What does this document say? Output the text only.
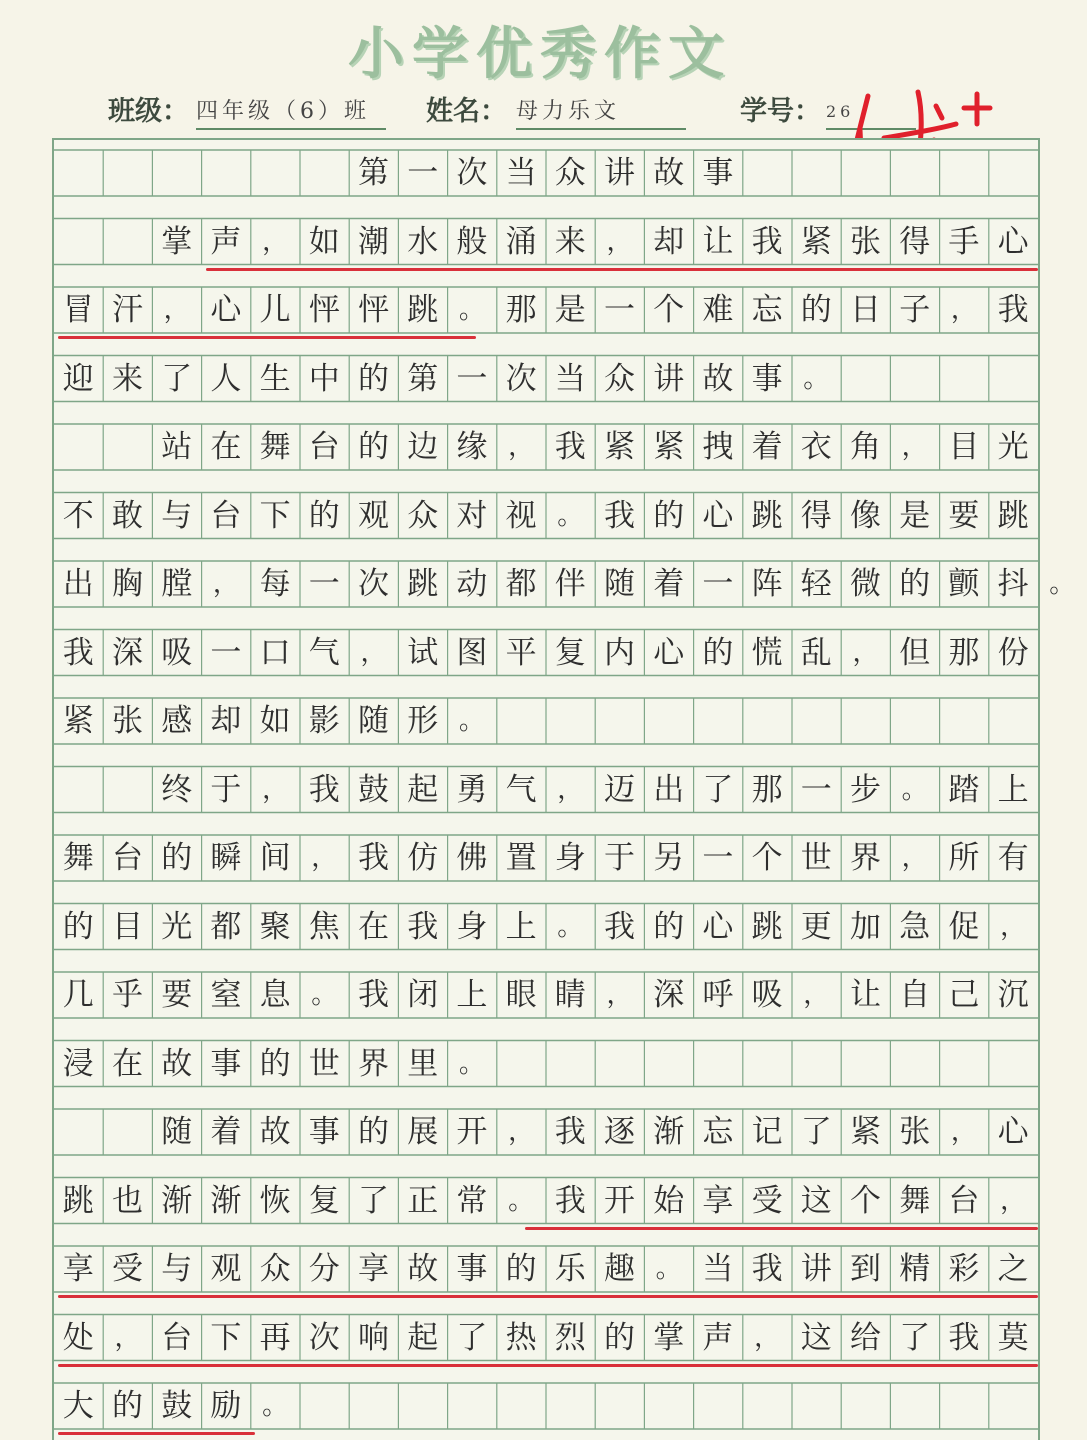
小学优秀作文
班级： 四年级（6）班	姓名： 母力乐文	学号： 26
优+
第 一 次 当 众 讲 故 事
掌 声 ， 如 潮 水 般 涌 来 ， 却 让 我 紧 张 得 手 心
冒 汗 ， 心 儿 怦 怦 跳 。 那 是 一 个 难 忘 的 日 子 ， 我
迎 来 了 人 生 中 的 第 一 次 当 众 讲 故 事 。
站 在 舞 台 的 边 缘 ， 我 紧 紧 拽 着 衣 角 ， 目 光
不 敢 与 台 下 的 观 众 对 视 。 我 的 心 跳 得 像 是 要 跳
出 胸 膛 ， 每 一 次 跳 动 都 伴 随 着 一 阵 轻 微 的 颤 抖 。
我 深 吸 一 口 气 ， 试 图 平 复 内 心 的 慌 乱 ， 但 那 份
紧 张 感 却 如 影 随 形 。
终 于 ， 我 鼓 起 勇 气 ， 迈 出 了 那 一 步 。 踏 上
舞 台 的 瞬 间 ， 我 仿 佛 置 身 于 另 一 个 世 界 ， 所 有
的 目 光 都 聚 焦 在 我 身 上 。 我 的 心 跳 更 加 急 促 ，
几 乎 要 窒 息 。 我 闭 上 眼 睛 ， 深 呼 吸 ， 让 自 己 沉
浸 在 故 事 的 世 界 里 。
随 着 故 事 的 展 开 ， 我 逐 渐 忘 记 了 紧 张 ， 心
跳 也 渐 渐 恢 复 了 正 常 。 我 开 始 享 受 这 个 舞 台 ，
享 受 与 观 众 分 享 故 事 的 乐 趣 。 当 我 讲 到 精 彩 之
处 ， 台 下 再 次 响 起 了 热 烈 的 掌 声 ， 这 给 了 我 莫
大 的 鼓 励 。
